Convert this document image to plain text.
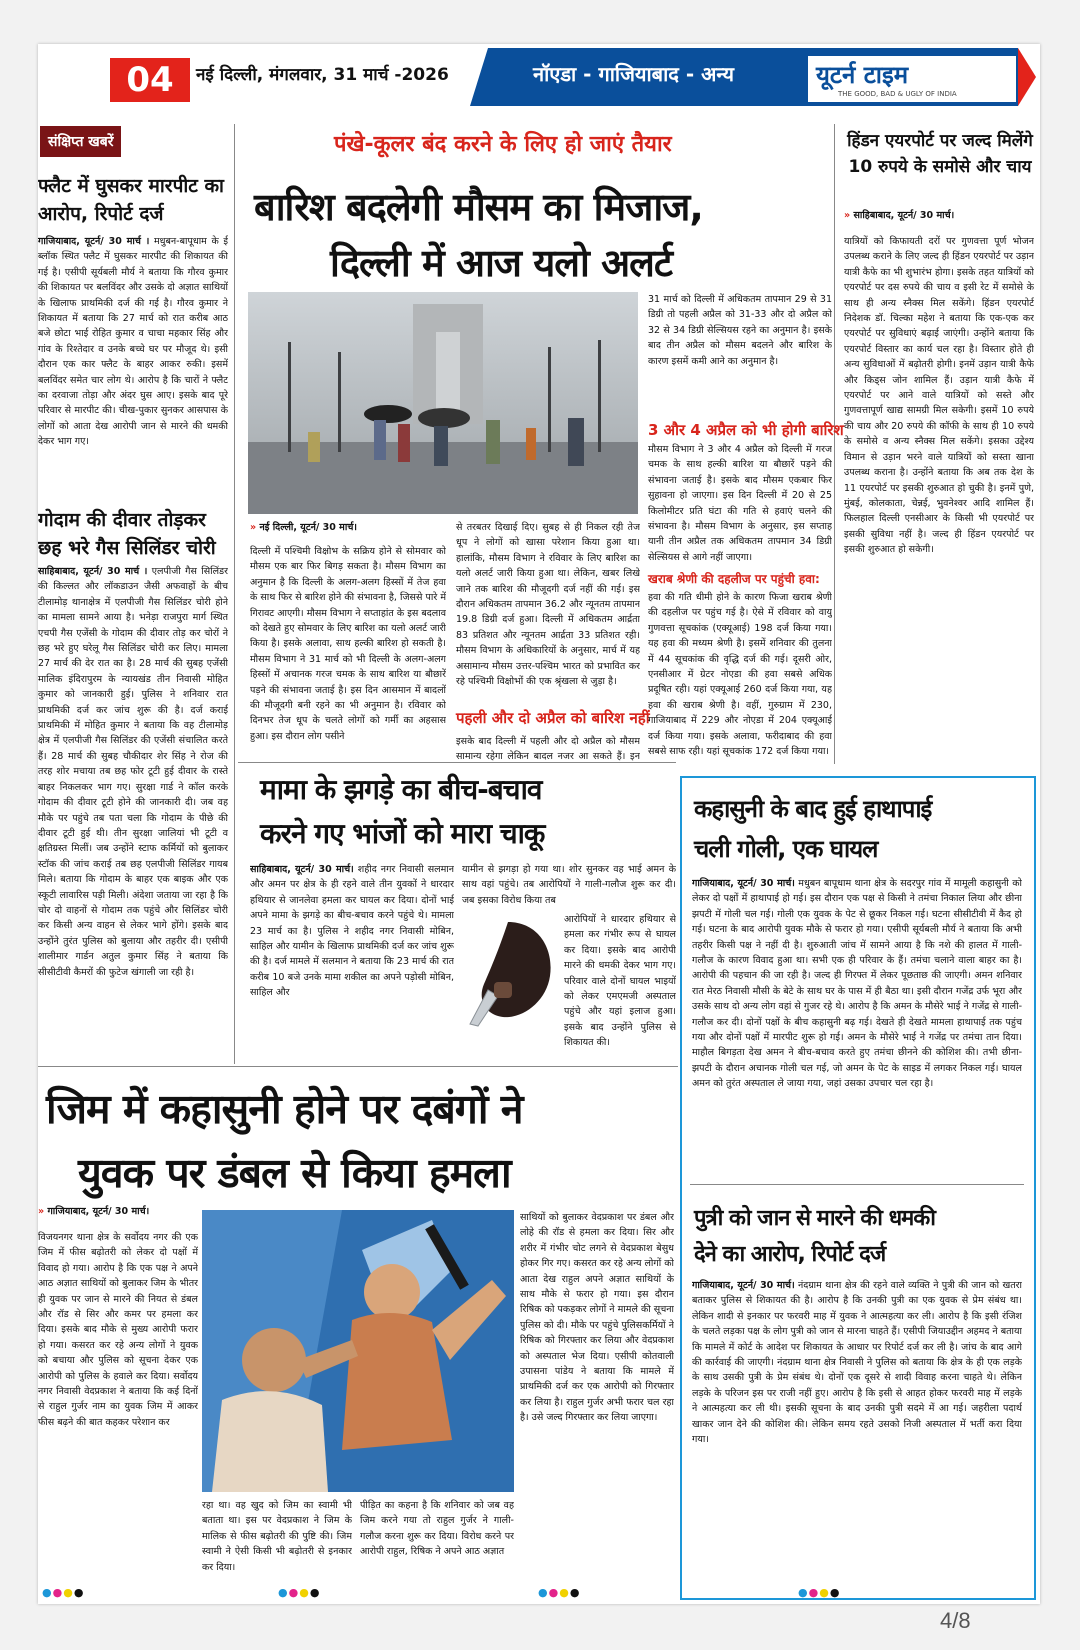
04	नई दिल्ली, मंगलवार, 31 मार्च -2026	नॉएडा - गाजियाबाद - अन्य	यूटर्न टाइम
THE GOOD, BAD & UGLY OF INDIA
संक्षिप्त खबरें
फ्लैट में घुसकर मारपीट का आरोप, रिपोर्ट दर्ज
गाजियाबाद, यूटर्न/ 30 मार्च । मधुबन-बापूधाम के ई ब्लॉक स्थित फ्लैट में घुसकर मारपीट की शिकायत की गई है। एसीपी सूर्यबली मौर्य ने बताया कि गौरव कुमार की शिकायत पर बलविंदर और उसके दो अज्ञात साथियों के खिलाफ प्राथमिकी दर्ज की गई है। गौरव कुमार ने शिकायत में बताया कि 27 मार्च को रात करीब आठ बजे छोटा भाई रोहित कुमार व चाचा महकार सिंह और गांव के रिश्तेदार व उनके बच्चे घर पर मौजूद थे। इसी दौरान एक कार फ्लैट के बाहर आकर रुकी। इसमें बलविंदर समेत चार लोग थे। आरोप है कि चारों ने फ्लैट का दरवाजा तोड़ा और अंदर घुस आए। इसके बाद पूरे परिवार से मारपीट की। चीख-पुकार सुनकर आसपास के लोगों को आता देख आरोपी जान से मारने की धमकी देकर भाग गए।
गोदाम की दीवार तोड़कर छह भरे गैस सिलिंडर चोरी
साहिबाबाद, यूटर्न/ 30 मार्च । एलपीजी गैस सिलिंडर की किल्लत और लॉकडाउन जैसी अफवाहों के बीच टीलामोड़ थानाक्षेत्र में एलपीजी गैस सिलिंडर चोरी होने का मामला सामने आया है। भनेड़ा राजपुरा मार्ग स्थित एचपी गैस एजेंसी के गोदाम की दीवार तोड़ कर चोरों ने छह भरे हुए घरेलू गैस सिलिंडर चोरी कर लिए। मामला 27 मार्च की देर रात का है। 28 मार्च की सुबह एजेंसी मालिक इंदिरापुरम के न्यायखंड तीन निवासी मोहित कुमार को जानकारी हुई। पुलिस ने शनिवार रात प्राथमिकी दर्ज कर जांच शुरू की है। दर्ज कराई प्राथमिकी में मोहित कुमार ने बताया कि वह टीलामोड़ क्षेत्र में एलपीजी गैस सिलिंडर की एजेंसी संचालित करते हैं। 28 मार्च की सुबह चौकीदार शेर सिंह ने रोज की तरह शोर मचाया तब छह फोर टूटी हुई दीवार के रास्ते बाहर निकलकर भाग गए। सुरक्षा गार्ड ने कॉल करके गोदाम की दीवार टूटी होने की जानकारी दी। जब वह मौके पर पहुंचे तब पता चला कि गोदाम के पीछे की दीवार टूटी हुई थी। तीन सुरक्षा जालियां भी टूटी व क्षतिग्रस्त मिलीं। जब उन्होंने स्टाफ कर्मियों को बुलाकर स्टॉक की जांच कराई तब छह एलपीजी सिलिंडर गायब मिले। बताया कि गोदाम के बाहर एक बाइक और एक स्कूटी लावारिस पड़ी मिली। अंदेशा जताया जा रहा है कि चोर दो वाहनों से गोदाम तक पहुंचे और सिलिंडर चोरी कर किसी अन्य वाहन से लेकर भागे होंगे। इसके बाद उन्होंने तुरंत पुलिस को बुलाया और तहरीर दी। एसीपी शालीमार गार्डन अतुल कुमार सिंह ने बताया कि सीसीटीवी कैमरों की फुटेज खंगाली जा रही है।
पंखे-कूलर बंद करने के लिए हो जाएं तैयार
बारिश बदलेगी मौसम का मिजाज,
दिल्ली में आज यलो अलर्ट
» नई दिल्ली, यूटर्न/ 30 मार्च।
दिल्ली में पश्चिमी विक्षोभ के सक्रिय होने से सोमवार को मौसम एक बार फिर बिगड़ सकता है। मौसम विभाग का अनुमान है कि दिल्ली के अलग-अलग हिस्सों में तेज हवा के साथ फिर से बारिश होने की संभावना है, जिससे पारे में गिरावट आएगी। मौसम विभाग ने सप्ताहांत के इस बदलाव को देखते हुए सोमवार के लिए बारिश का यलो अलर्ट जारी किया है। इसके अलावा, साथ हल्की बारिश हो सकती है। मौसम विभाग ने 31 मार्च को भी दिल्ली के अलग-अलग हिस्सों में अचानक गरज चमक के साथ बारिश या बौछारें पड़ने की संभावना जताई है। इस दिन आसमान में बादलों की मौजूदगी बनी रहने का भी अनुमान है। रविवार को दिनभर तेज धूप के चलते लोगों को गर्मी का अहसास हुआ। इस दौरान लोग पसीने
से तरबतर दिखाई दिए। सुबह से ही निकल रही तेज धूप ने लोगों को खासा परेशान किया हुआ था। हालांकि, मौसम विभाग ने रविवार के लिए बारिश का यलो अलर्ट जारी किया हुआ था। लेकिन, खबर लिखे जाने तक बारिश की मौजूदगी दर्ज नहीं की गई। इस दौरान अधिकतम तापमान 36.2 और न्यूनतम तापमान 19.8 डिग्री दर्ज हुआ। दिल्ली में अधिकतम आर्द्रता 83 प्रतिशत और न्यूनतम आर्द्रता 33 प्रतिशत रही। मौसम विभाग के अधिकारियों के अनुसार, मार्च में यह असामान्य मौसम उत्तर-पश्चिम भारत को प्रभावित कर रहे पश्चिमी विक्षोभों की एक श्रृंखला से जुड़ा है।
पहली और दो अप्रैल को बारिश नहीं
इसके बाद दिल्ली में पहली और दो अप्रैल को मौसम सामान्य रहेगा लेकिन बादल नजर आ सकते हैं। इन
31 मार्च को दिल्ली में अधिकतम तापमान 29 से 31 डिग्री तो पहली अप्रैल को 31-33 और दो अप्रैल को 32 से 34 डिग्री सेल्सियस रहने का अनुमान है। इसके बाद तीन अप्रैल को मौसम बदलने और बारिश के कारण इसमें कमी आने का अनुमान है।
3 और 4 अप्रैल को भी होगी बारिश
मौसम विभाग ने 3 और 4 अप्रैल को दिल्ली में गरज चमक के साथ हल्की बारिश या बौछारें पड़ने की संभावना जताई है। इसके बाद मौसम एकबार फिर सुहावना हो जाएगा। इस दिन दिल्ली में 20 से 25 किलोमीटर प्रति घंटा की गति से हवाएं चलने की संभावना है। मौसम विभाग के अनुसार, इस सप्ताह यानी तीन अप्रैल तक अधिकतम तापमान 34 डिग्री सेल्सियस से आगे नहीं जाएगा।
खराब श्रेणी की दहलीज पर पहुंची हवा:
हवा की गति धीमी होने के कारण फिजा खराब श्रेणी की दहलीज पर पहुंच गई है। ऐसे में रविवार को वायु गुणवत्ता सूचकांक (एक्यूआई) 198 दर्ज किया गया। यह हवा की मध्यम श्रेणी है। इसमें शनिवार की तुलना में 44 सूचकांक की वृद्धि दर्ज की गई। दूसरी ओर, एनसीआर में ग्रेटर नोएडा की हवा सबसे अधिक प्रदूषित रही। यहां एक्यूआई 260 दर्ज किया गया, यह हवा की खराब श्रेणी है। वहीं, गुरुग्राम में 230, गाजियाबाद में 229 और नोएडा में 204 एक्यूआई दर्ज किया गया। इसके अलावा, फरीदाबाद की हवा सबसे साफ रही। यहां सूचकांक 172 दर्ज किया गया।
हिंडन एयरपोर्ट पर जल्द मिलेंगे 10 रुपये के समोसे और चाय
» साहिबाबाद, यूटर्न/ 30 मार्च।
यात्रियों को किफायती दरों पर गुणवत्ता पूर्ण भोजन उपलब्ध कराने के लिए जल्द ही हिंडन एयरपोर्ट पर उड़ान यात्री कैफे का भी शुभारंभ होगा। इसके तहत यात्रियों को एयरपोर्ट पर दस रुपये की चाय व इसी रेट में समोसे के साथ ही अन्य स्नैक्स मिल सकेंगे। हिंडन एयरपोर्ट निदेशक डॉ. चिल्का महेश ने बताया कि एक-एक कर एयरपोर्ट पर सुविधाएं बढ़ाई जाएंगी। उन्होंने बताया कि एयरपोर्ट विस्तार का कार्य चल रहा है। विस्तार होते ही अन्य सुविधाओं में बढ़ोतरी होगी। इनमें उड़ान यात्री कैफे और किड्स जोन शामिल हैं। उड़ान यात्री कैफे में एयरपोर्ट पर आने वाले यात्रियों को सस्ते और गुणवत्तापूर्ण खाद्य सामग्री मिल सकेगी। इसमें 10 रुपये की चाय और 20 रुपये की कॉफी के साथ ही 10 रुपये के समोसे व अन्य स्नैक्स मिल सकेंगे। इसका उद्देश्य विमान से उड़ान भरने वाले यात्रियों को सस्ता खाना उपलब्ध कराना है। उन्होंने बताया कि अब तक देश के 11 एयरपोर्ट पर इसकी शुरुआत हो चुकी है। इनमें पुणे, मुंबई, कोलकाता, चेन्नई, भुवनेश्वर आदि शामिल हैं। फिलहाल दिल्ली एनसीआर के किसी भी एयरपोर्ट पर इसकी सुविधा नहीं है। जल्द ही हिंडन एयरपोर्ट पर इसकी शुरुआत हो सकेगी।
मामा के झगड़े का बीच-बचाव
करने गए भांजों को मारा चाकू
साहिबाबाद, यूटर्न/ 30 मार्च। शहीद नगर निवासी सलमान और अमन पर क्षेत्र के ही रहने वाले तीन युवकों ने धारदार हथियार से जानलेवा हमला कर घायल कर दिया। दोनों भाई अपने मामा के झगड़े का बीच-बचाव करने पहुंचे थे। मामला 23 मार्च का है। पुलिस ने शहीद नगर निवासी मोबिन, साहिल और यामीन के खिलाफ प्राथमिकी दर्ज कर जांच शुरू की है। दर्ज मामले में सलमान ने बताया कि 23 मार्च की रात करीब 10 बजे उनके मामा शकील का अपने पड़ोसी मोबिन, साहिल और
यामीन से झगड़ा हो गया था। शोर सुनकर वह भाई अमन के साथ वहां पहुंचे। तब आरोपियों ने गाली-गलौज शुरू कर दी। जब इसका विरोध किया तब
आरोपियों ने धारदार हथियार से हमला कर गंभीर रूप से घायल कर दिया। इसके बाद आरोपी मारने की धमकी देकर भाग गए। परिवार वाले दोनों घायल भाइयों को लेकर एमएमजी अस्पताल पहुंचे और यहां इलाज हुआ। इसके बाद उन्होंने पुलिस से शिकायत की।
कहासुनी के बाद हुई हाथापाई
चली गोली, एक घायल
गाजियाबाद, यूटर्न/ 30 मार्च। मधुबन बापूधाम थाना क्षेत्र के सदरपुर गांव में मामूली कहासुनी को लेकर दो पक्षों में हाथापाई हो गई। इस दौरान एक पक्ष से किसी ने तमंचा निकाल लिया और छीना झपटी में गोली चल गई। गोली एक युवक के पेट से छूकर निकल गई। घटना सीसीटीवी में कैद हो गई। घटना के बाद आरोपी युवक मौके से फरार हो गया। एसीपी सूर्यबली मौर्य ने बताया कि अभी तहरीर किसी पक्ष ने नहीं दी है। शुरुआती जांच में सामने आया है कि नशे की हालत में गाली-गलौज के कारण विवाद हुआ था। सभी एक ही परिवार के हैं। तमंचा चलाने वाला बाहर का है। आरोपी की पहचान की जा रही है। जल्द ही गिरफ्त में लेकर पूछताछ की जाएगी। अमन शनिवार रात मेरठ निवासी मौसी के बेटे के साथ घर के पास में ही बैठा था। इसी दौरान गजेंद्र उर्फ भूरा और उसके साथ दो अन्य लोग वहां से गुजर रहे थे। आरोप है कि अमन के मौसेरे भाई ने गजेंद्र से गाली-गलौज कर दी। दोनों पक्षों के बीच कहासुनी बढ़ गई। देखते ही देखते मामला हाथापाई तक पहुंच गया और दोनों पक्षों में मारपीट शुरू हो गई। अमन के मौसेरे भाई ने गजेंद्र पर तमंचा तान दिया। माहौल बिगड़ता देख अमन ने बीच-बचाव करते हुए तमंचा छीनने की कोशिश की। तभी छीना-झपटी के दौरान अचानक गोली चल गई, जो अमन के पेट के साइड में लगकर निकल गई। घायल अमन को तुरंत अस्पताल ले जाया गया, जहां उसका उपचार चल रहा है।
पुत्री को जान से मारने की धमकी
देने का आरोप, रिपोर्ट दर्ज
गाजियाबाद, यूटर्न/ 30 मार्च। नंदग्राम थाना क्षेत्र की रहने वाले व्यक्ति ने पुत्री की जान को खतरा बताकर पुलिस से शिकायत की है। आरोप है कि उनकी पुत्री का एक युवक से प्रेम संबंध था। लेकिन शादी से इनकार पर फरवरी माह में युवक ने आत्महत्या कर ली। आरोप है कि इसी रंजिश के चलते लड़का पक्ष के लोग पुत्री को जान से मारना चाहते हैं। एसीपी जियाउद्दीन अहमद ने बताया कि मामले में कोर्ट के आदेश पर शिकायत के आधार पर रिपोर्ट दर्ज कर ली है। जांच के बाद आगे की कार्रवाई की जाएगी। नंदग्राम थाना क्षेत्र निवासी ने पुलिस को बताया कि क्षेत्र के ही एक लड़के के साथ उसकी पुत्री के प्रेम संबंध थे। दोनों एक दूसरे से शादी विवाह करना चाहते थे। लेकिन लड़के के परिजन इस पर राजी नहीं हुए। आरोप है कि इसी से आहत होकर फरवरी माह में लड़के ने आत्महत्या कर ली थी। इसकी सूचना के बाद उनकी पुत्री सदमे में आ गई। जहरीला पदार्थ खाकर जान देने की कोशिश की। लेकिन समय रहते उसको निजी अस्पताल में भर्ती करा दिया गया।
जिम में कहासुनी होने पर दबंगों ने
युवक पर डंबल से किया हमला
» गाजियाबाद, यूटर्न/ 30 मार्च।
विजयनगर थाना क्षेत्र के सर्वोदय नगर की एक जिम में फीस बढ़ोतरी को लेकर दो पक्षों में विवाद हो गया। आरोप है कि एक पक्ष ने अपने आठ अज्ञात साथियों को बुलाकर जिम के भीतर ही युवक पर जान से मारने की नियत से डंबल और रॉड से सिर और कमर पर हमला कर दिया। इसके बाद मौके से मुख्य आरोपी फरार हो गया। कसरत कर रहे अन्य लोगों ने युवक को बचाया और पुलिस को सूचना देकर एक आरोपी को पुलिस के हवाले कर दिया। सर्वोदय नगर निवासी वेदप्रकाश ने बताया कि कई दिनों से राहुल गुर्जर नाम का युवक जिम में आकर फीस बढ़ने की बात कहकर परेशान कर
रहा था। वह खुद को जिम का स्वामी भी बताता था। इस पर वेदप्रकाश ने जिम के मालिक से फीस बढ़ोतरी की पुष्टि की। जिम स्वामी ने ऐसी किसी भी बढ़ोतरी से इनकार कर दिया।
पीड़ित का कहना है कि शनिवार को जब वह जिम करने गया तो राहुल गुर्जर ने गाली-गलौज करना शुरू कर दिया। विरोध करने पर आरोपी राहुल, रिषिक ने अपने आठ अज्ञात
साथियों को बुलाकर वेदप्रकाश पर डंबल और लोहे की रॉड से हमला कर दिया। सिर और शरीर में गंभीर चोट लगने से वेदप्रकाश बेसुध होकर गिर गए। कसरत कर रहे अन्य लोगों को आता देख राहुल अपने अज्ञात साथियों के साथ मौके से फरार हो गया। इस दौरान रिषिक को पकड़कर लोगों ने मामले की सूचना पुलिस को दी। मौके पर पहुंचे पुलिसकर्मियों ने रिषिक को गिरफ्तार कर लिया और वेदप्रकाश को अस्पताल भेज दिया। एसीपी कोतवाली उपासना पांडेय ने बताया कि मामले में प्राथमिकी दर्ज कर एक आरोपी को गिरफ्तार कर लिया है। राहुल गुर्जर अभी फरार चल रहा है। उसे जल्द गिरफ्तार कर लिया जाएगा।
●●●●	●●●●	●●●●	●●●●
4/8
